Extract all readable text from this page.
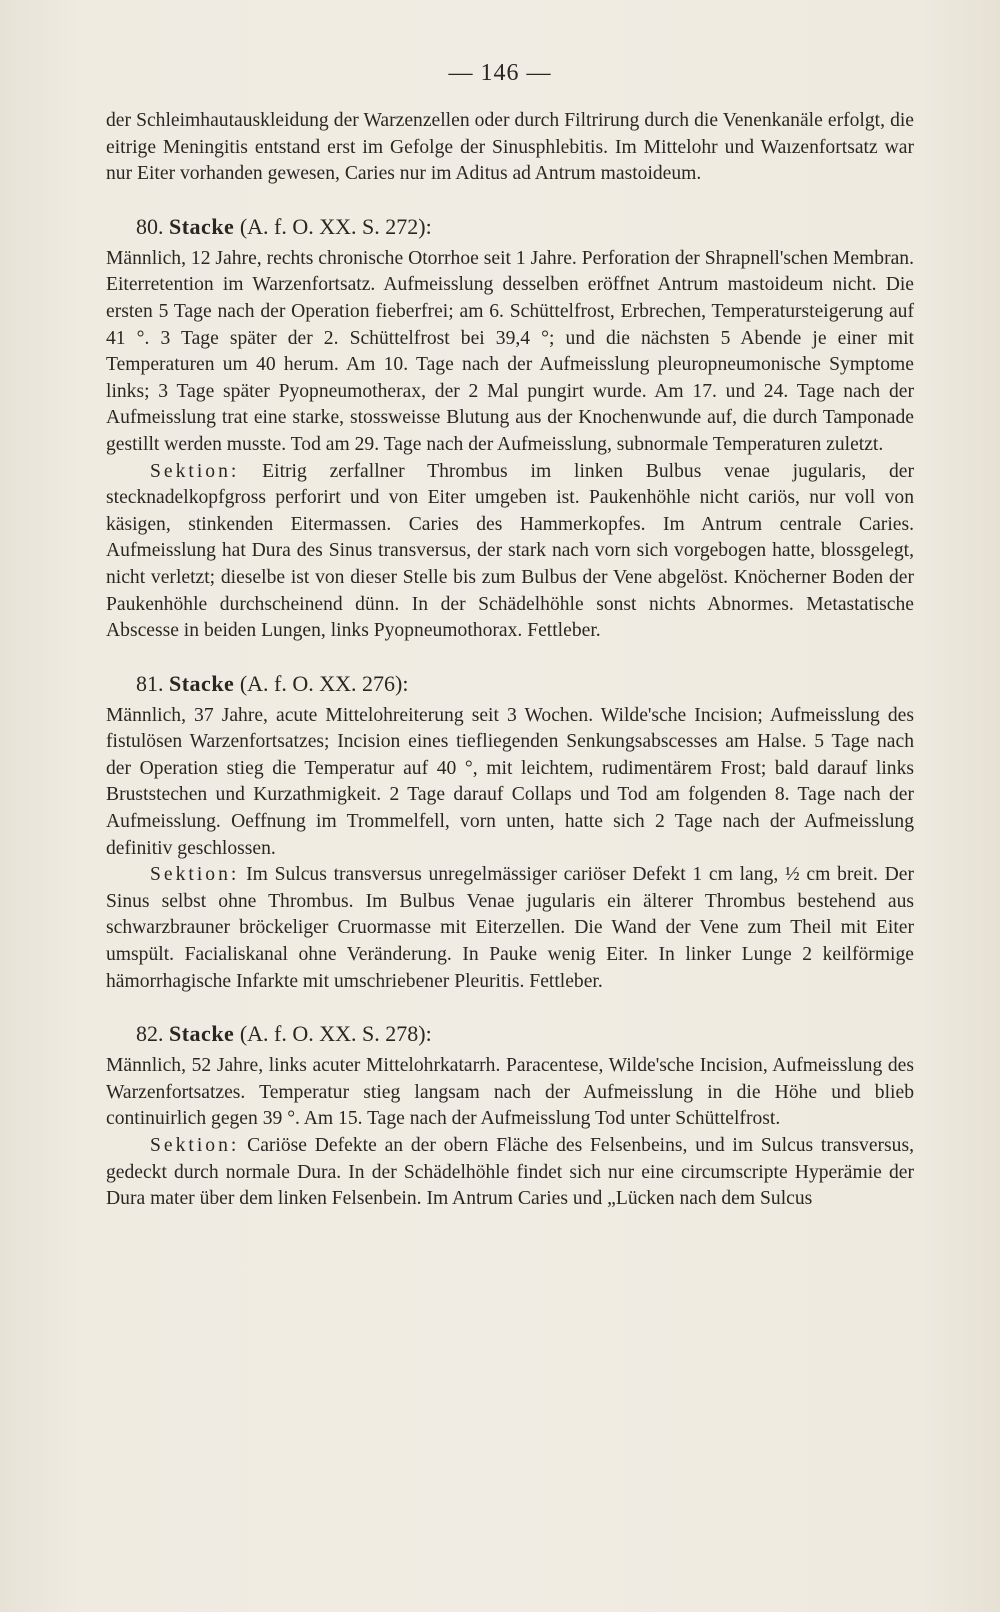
— 146 —

der Schleimhautauskleidung der Warzenzellen oder durch Filtrirung durch die Venenkanäle erfolgt, die eitrige Meningitis entstand erst im Gefolge der Sinusphlebitis. Im Mittelohr und Waızenfortsatz war nur Eiter vorhanden gewesen, Caries nur im Aditus ad Antrum mastoideum.

80. Stacke (A. f. O. XX. S. 272):

Männlich, 12 Jahre, rechts chronische Otorrhoe seit 1 Jahre. Perforation der Shrapnell'schen Membran. Eiterretention im Warzenfortsatz. Aufmeisslung desselben eröffnet Antrum mastoideum nicht. Die ersten 5 Tage nach der Operation fieberfrei; am 6. Schüttelfrost, Erbrechen, Temperatursteigerung auf 41 °. 3 Tage später der 2. Schüttelfrost bei 39,4 °; und die nächsten 5 Abende je einer mit Temperaturen um 40 herum. Am 10. Tage nach der Aufmeisslung pleuropneumonische Symptome links; 3 Tage später Pyopneumotherax, der 2 Mal pungirt wurde. Am 17. und 24. Tage nach der Aufmeisslung trat eine starke, stossweisse Blutung aus der Knochenwunde auf, die durch Tamponade gestillt werden musste. Tod am 29. Tage nach der Aufmeisslung, subnormale Temperaturen zuletzt.

Sektion: Eitrig zerfallner Thrombus im linken Bulbus venae jugularis, der stecknadelkopfgross perforirt und von Eiter umgeben ist. Paukenhöhle nicht cariös, nur voll von käsigen, stinkenden Eitermassen. Caries des Hammerkopfes. Im Antrum centrale Caries. Aufmeisslung hat Dura des Sinus transversus, der stark nach vorn sich vorgebogen hatte, blossgelegt, nicht verletzt; dieselbe ist von dieser Stelle bis zum Bulbus der Vene abgelöst. Knöcherner Boden der Paukenhöhle durchscheinend dünn. In der Schädelhöhle sonst nichts Abnormes. Metastatische Abscesse in beiden Lungen, links Pyopneumothorax. Fettleber.

81. Stacke (A. f. O. XX. 276):

Männlich, 37 Jahre, acute Mittelohreiterung seit 3 Wochen. Wilde'sche Incision; Aufmeisslung des fistulösen Warzenfortsatzes; Incision eines tiefliegenden Senkungsabscesses am Halse. 5 Tage nach der Operation stieg die Temperatur auf 40 °, mit leichtem, rudimentärem Frost; bald darauf links Bruststechen und Kurzathmigkeit. 2 Tage darauf Collaps und Tod am folgenden 8. Tage nach der Aufmeisslung. Oeffnung im Trommelfell, vorn unten, hatte sich 2 Tage nach der Aufmeisslung definitiv geschlossen.

Sektion: Im Sulcus transversus unregelmässiger cariöser Defekt 1 cm lang, ½ cm breit. Der Sinus selbst ohne Thrombus. Im Bulbus Venae jugularis ein älterer Thrombus bestehend aus schwarzbrauner bröckeliger Cruormasse mit Eiterzellen. Die Wand der Vene zum Theil mit Eiter umspült. Facialiskanal ohne Veränderung. In Pauke wenig Eiter. In linker Lunge 2 keilförmige hämorrhagische Infarkte mit umschriebener Pleuritis. Fettleber.

82. Stacke (A. f. O. XX. S. 278):

Männlich, 52 Jahre, links acuter Mittelohrkatarrh. Paracentese, Wilde'sche Incision, Aufmeisslung des Warzenfortsatzes. Temperatur stieg langsam nach der Aufmeisslung in die Höhe und blieb continuirlich gegen 39 °. Am 15. Tage nach der Aufmeisslung Tod unter Schüttelfrost.

Sektion: Cariöse Defekte an der obern Fläche des Felsenbeins, und im Sulcus transversus, gedeckt durch normale Dura. In der Schädelhöhle findet sich nur eine circumscripte Hyperämie der Dura mater über dem linken Felsenbein. Im Antrum Caries und „Lücken nach dem Sulcus
